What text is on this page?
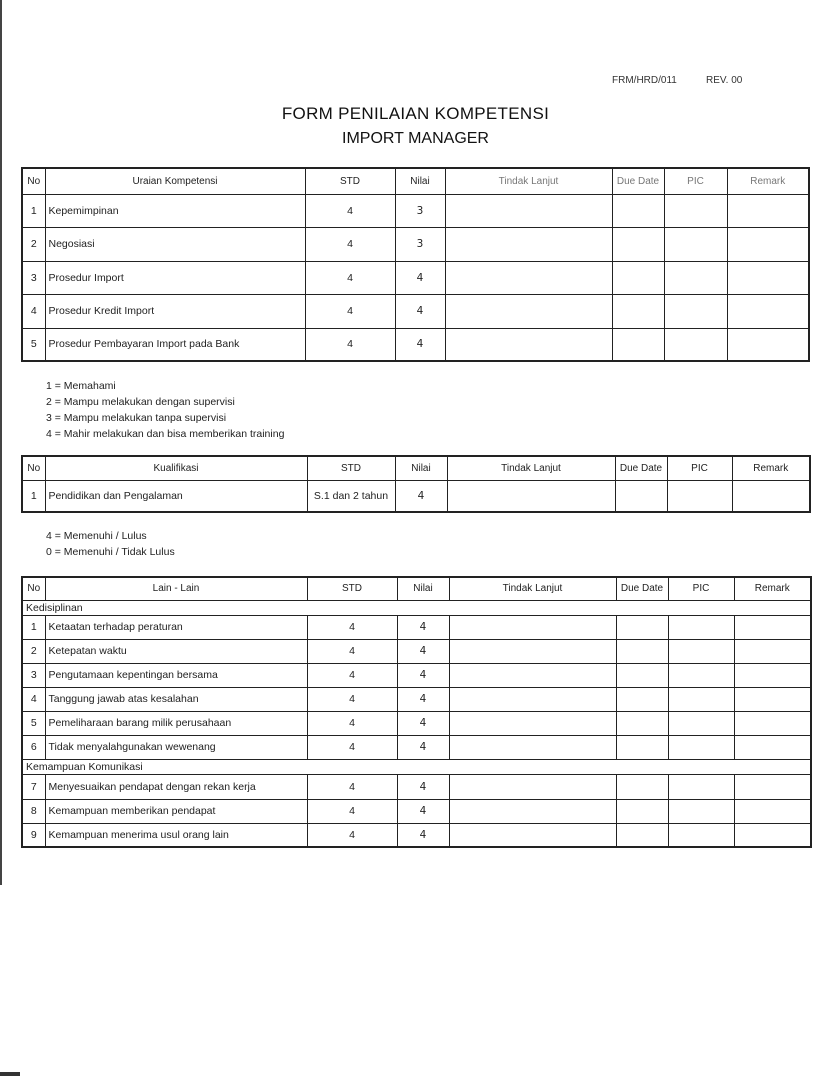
FRM/HRD/011	REV. 00
FORM PENILAIAN KOMPETENSI
IMPORT MANAGER
No	Uraian Kompetensi	STD	Nilai	Tindak Lanjut	Due Date	PIC	Remark
1	Kepemimpinan	4	3				
2	Negosiasi	4	3				
3	Prosedur Import	4	4				
4	Prosedur Kredit Import	4	4				
5	Prosedur Pembayaran Import pada Bank	4	4				
1 = Memahami
2 = Mampu melakukan dengan supervisi
3 = Mampu melakukan tanpa supervisi
4 = Mahir melakukan dan bisa memberikan training
No	Kualifikasi	STD	Nilai	Tindak Lanjut	Due Date	PIC	Remark
1	Pendidikan dan Pengalaman	S.1 dan 2 tahun	4				
4 = Memenuhi / Lulus
0 = Memenuhi / Tidak Lulus
No	Lain - Lain	STD	Nilai	Tindak Lanjut	Due Date	PIC	Remark
Kedisiplinan							
1	Ketaatan terhadap peraturan	4	4				
2	Ketepatan waktu	4	4				
3	Pengutamaan kepentingan bersama	4	4				
4	Tanggung jawab atas kesalahan	4	4				
5	Pemeliharaan barang milik perusahaan	4	4				
6	Tidak menyalahgunakan wewenang	4	4				
Kemampuan Komunikasi							
7	Menyesuaikan pendapat dengan rekan kerja	4	4				
8	Kemampuan memberikan pendapat	4	4				
9	Kemampuan menerima usul orang lain	4	4				
